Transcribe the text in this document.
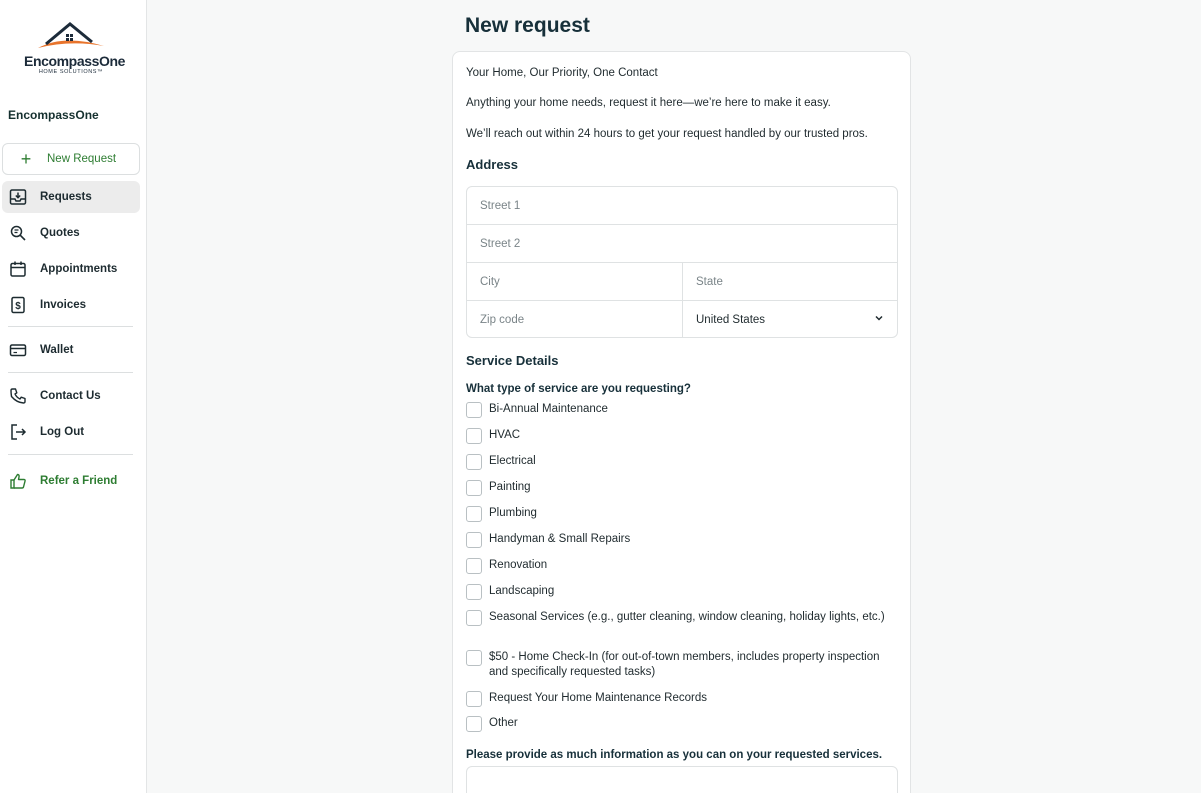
EncompassOne
HOME SOLUTIONS™
EncompassOne
+	New Request
Requests
Quotes
Appointments
$ Invoices
Wallet
Contact Us
Log Out
Refer a Friend
New request
Your Home, Our Priority, One Contact
Anything your home needs, request it here—we’re here to make it easy.
We’ll reach out within 24 hours to get your request handled by our trusted pros.
Address
Street 1
Street 2
City
State
Zip code
United States
Service Details
What type of service are you requesting?
Bi-Annual Maintenance
HVAC
Electrical
Painting
Plumbing
Handyman & Small Repairs
Renovation
Landscaping
Seasonal Services (e.g., gutter cleaning, window cleaning, holiday lights, etc.)
$50 - Home Check-In (for out-of-town members, includes property inspection and specifically requested tasks)
Request Your Home Maintenance Records
Other
Please provide as much information as you can on your requested services.
